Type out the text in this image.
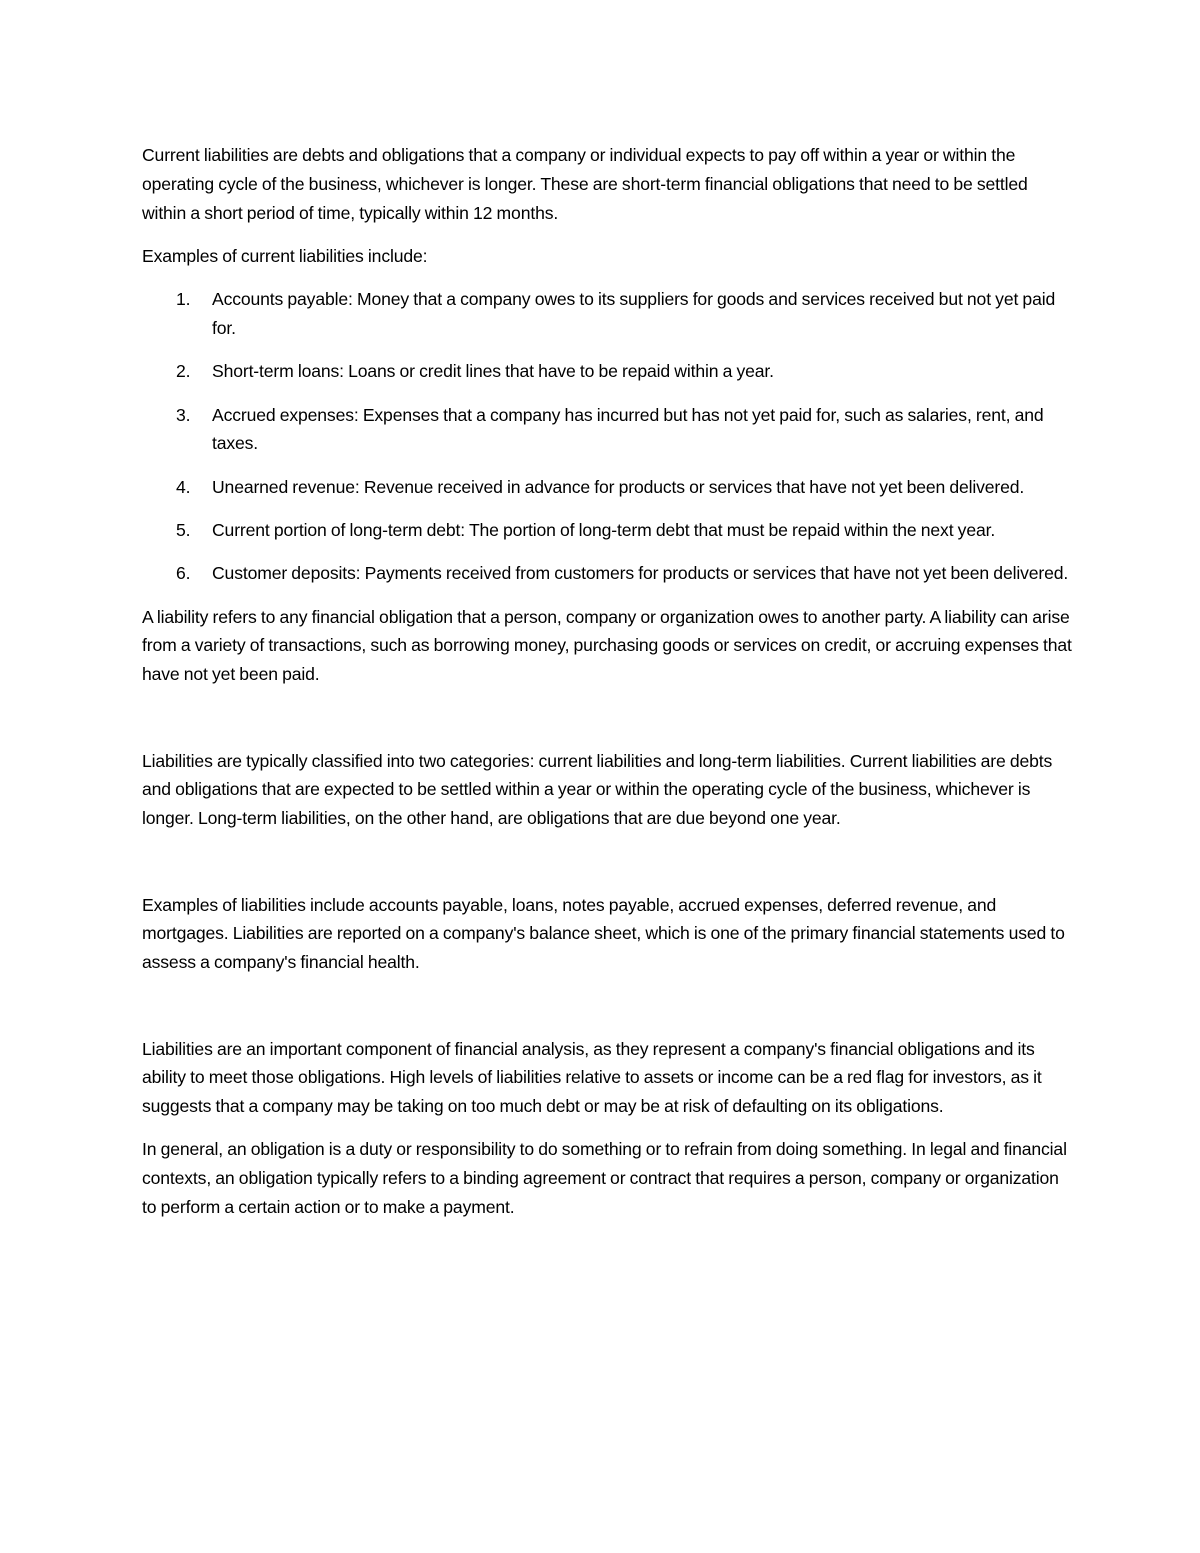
Current liabilities are debts and obligations that a company or individual expects to pay off within a year or within the operating cycle of the business, whichever is longer. These are short-term financial obligations that need to be settled within a short period of time, typically within 12 months.

Examples of current liabilities include:

1. Accounts payable: Money that a company owes to its suppliers for goods and services received but not yet paid for.
2. Short-term loans: Loans or credit lines that have to be repaid within a year.
3. Accrued expenses: Expenses that a company has incurred but has not yet paid for, such as salaries, rent, and taxes.
4. Unearned revenue: Revenue received in advance for products or services that have not yet been delivered.
5. Current portion of long-term debt: The portion of long-term debt that must be repaid within the next year.
6. Customer deposits: Payments received from customers for products or services that have not yet been delivered.

A liability refers to any financial obligation that a person, company or organization owes to another party. A liability can arise from a variety of transactions, such as borrowing money, purchasing goods or services on credit, or accruing expenses that have not yet been paid.

Liabilities are typically classified into two categories: current liabilities and long-term liabilities. Current liabilities are debts and obligations that are expected to be settled within a year or within the operating cycle of the business, whichever is longer. Long-term liabilities, on the other hand, are obligations that are due beyond one year.

Examples of liabilities include accounts payable, loans, notes payable, accrued expenses, deferred revenue, and mortgages. Liabilities are reported on a company's balance sheet, which is one of the primary financial statements used to assess a company's financial health.

Liabilities are an important component of financial analysis, as they represent a company's financial obligations and its ability to meet those obligations. High levels of liabilities relative to assets or income can be a red flag for investors, as it suggests that a company may be taking on too much debt or may be at risk of defaulting on its obligations.

In general, an obligation is a duty or responsibility to do something or to refrain from doing something. In legal and financial contexts, an obligation typically refers to a binding agreement or contract that requires a person, company or organization to perform a certain action or to make a payment.
